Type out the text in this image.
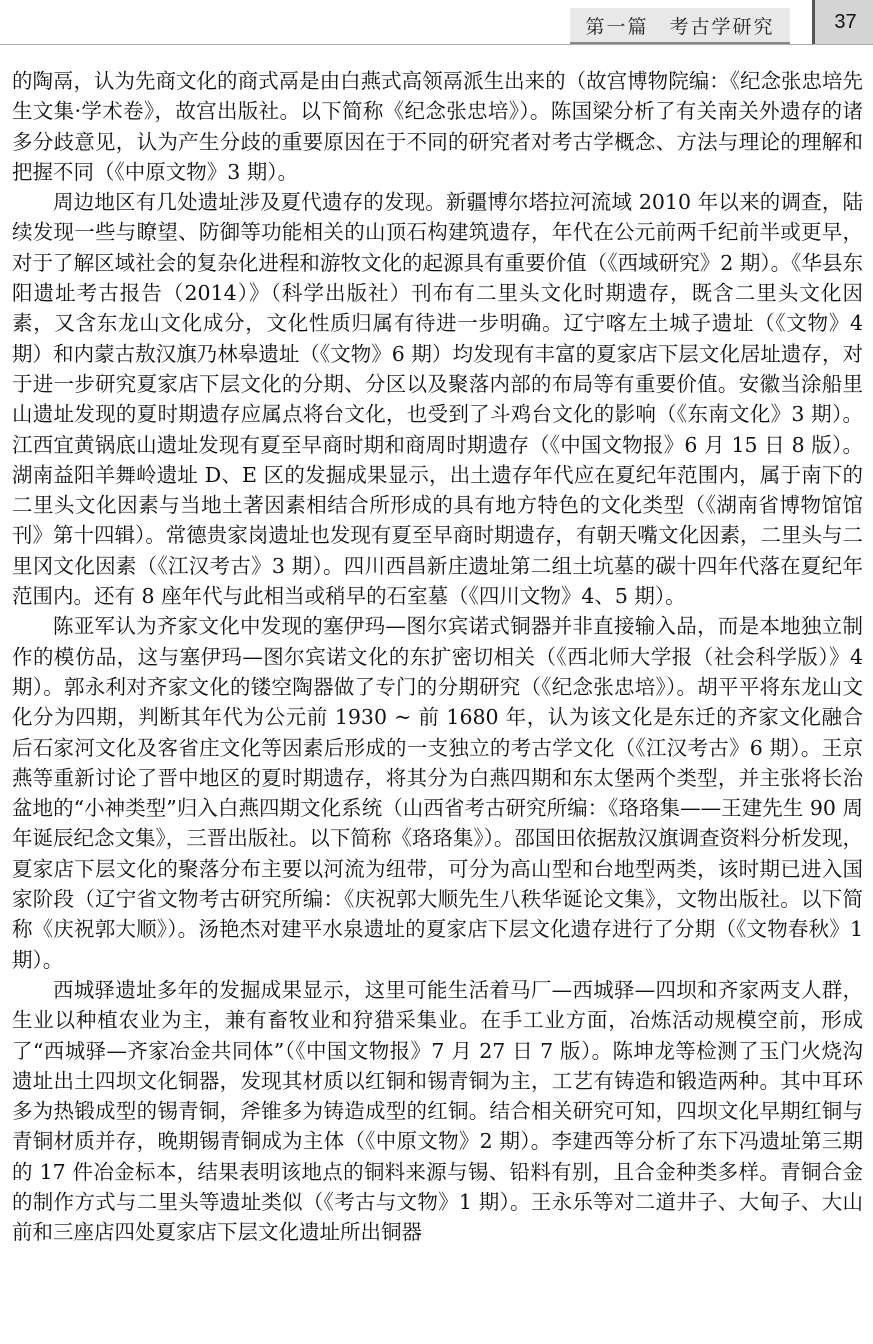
第一篇　考古学研究	37

的陶鬲，认为先商文化的商式鬲是由白燕式高领鬲派生出来的（故宫博物院编：《纪念张忠培先生文集·学术卷》，故宫出版社。以下简称《纪念张忠培》）。陈国梁分析了有关南关外遗存的诸多分歧意见，认为产生分歧的重要原因在于不同的研究者对考古学概念、方法与理论的理解和把握不同（《中原文物》3 期）。

周边地区有几处遗址涉及夏代遗存的发现。新疆博尔塔拉河流域 2010 年以来的调查，陆续发现一些与瞭望、防御等功能相关的山顶石构建筑遗存，年代在公元前两千纪前半或更早，对于了解区域社会的复杂化进程和游牧文化的起源具有重要价值（《西域研究》2 期）。《华县东阳遗址考古报告（2014）》（科学出版社）刊布有二里头文化时期遗存，既含二里头文化因素，又含东龙山文化成分，文化性质归属有待进一步明确。辽宁喀左土城子遗址（《文物》4 期）和内蒙古敖汉旗乃林皋遗址（《文物》6 期）均发现有丰富的夏家店下层文化居址遗存，对于进一步研究夏家店下层文化的分期、分区以及聚落内部的布局等有重要价值。安徽当涂船里山遗址发现的夏时期遗存应属点将台文化，也受到了斗鸡台文化的影响（《东南文化》3 期）。江西宜黄锅底山遗址发现有夏至早商时期和商周时期遗存（《中国文物报》6 月 15 日 8 版）。湖南益阳羊舞岭遗址 D、E 区的发掘成果显示，出土遗存年代应在夏纪年范围内，属于南下的二里头文化因素与当地土著因素相结合所形成的具有地方特色的文化类型（《湖南省博物馆馆刊》第十四辑）。常德贵家岗遗址也发现有夏至早商时期遗存，有朝天嘴文化因素，二里头与二里冈文化因素（《江汉考古》3 期）。四川西昌新庄遗址第二组土坑墓的碳十四年代落在夏纪年范围内。还有 8 座年代与此相当或稍早的石室墓（《四川文物》4、5 期）。

陈亚军认为齐家文化中发现的塞伊玛—图尔宾诺式铜器并非直接输入品，而是本地独立制作的模仿品，这与塞伊玛—图尔宾诺文化的东扩密切相关（《西北师大学报（社会科学版）》4 期）。郭永利对齐家文化的镂空陶器做了专门的分期研究（《纪念张忠培》）。胡平平将东龙山文化分为四期，判断其年代为公元前 1930 ~ 前 1680 年，认为该文化是东迁的齐家文化融合后石家河文化及客省庄文化等因素后形成的一支独立的考古学文化（《江汉考古》6 期）。王京燕等重新讨论了晋中地区的夏时期遗存，将其分为白燕四期和东太堡两个类型，并主张将长治盆地的“小神类型”归入白燕四期文化系统（山西省考古研究所编：《珞珞集——王建先生 90 周年诞辰纪念文集》，三晋出版社。以下简称《珞珞集》）。邵国田依据敖汉旗调查资料分析发现，夏家店下层文化的聚落分布主要以河流为纽带，可分为高山型和台地型两类，该时期已进入国家阶段（辽宁省文物考古研究所编：《庆祝郭大顺先生八秩华诞论文集》，文物出版社。以下简称《庆祝郭大顺》）。汤艳杰对建平水泉遗址的夏家店下层文化遗存进行了分期（《文物春秋》1 期）。

西城驿遗址多年的发掘成果显示，这里可能生活着马厂—西城驿—四坝和齐家两支人群，生业以种植农业为主，兼有畜牧业和狩猎采集业。在手工业方面，冶炼活动规模空前，形成了“西城驿—齐家冶金共同体”（《中国文物报》7 月 27 日 7 版）。陈坤龙等检测了玉门火烧沟遗址出土四坝文化铜器，发现其材质以红铜和锡青铜为主，工艺有铸造和锻造两种。其中耳环多为热锻成型的锡青铜，斧锥多为铸造成型的红铜。结合相关研究可知，四坝文化早期红铜与青铜材质并存，晚期锡青铜成为主体（《中原文物》2 期）。李建西等分析了东下冯遗址第三期的 17 件冶金标本，结果表明该地点的铜料来源与锡、铅料有别，且合金种类多样。青铜合金的制作方式与二里头等遗址类似（《考古与文物》1 期）。王永乐等对二道井子、大甸子、大山前和三座店四处夏家店下层文化遗址所出铜器
